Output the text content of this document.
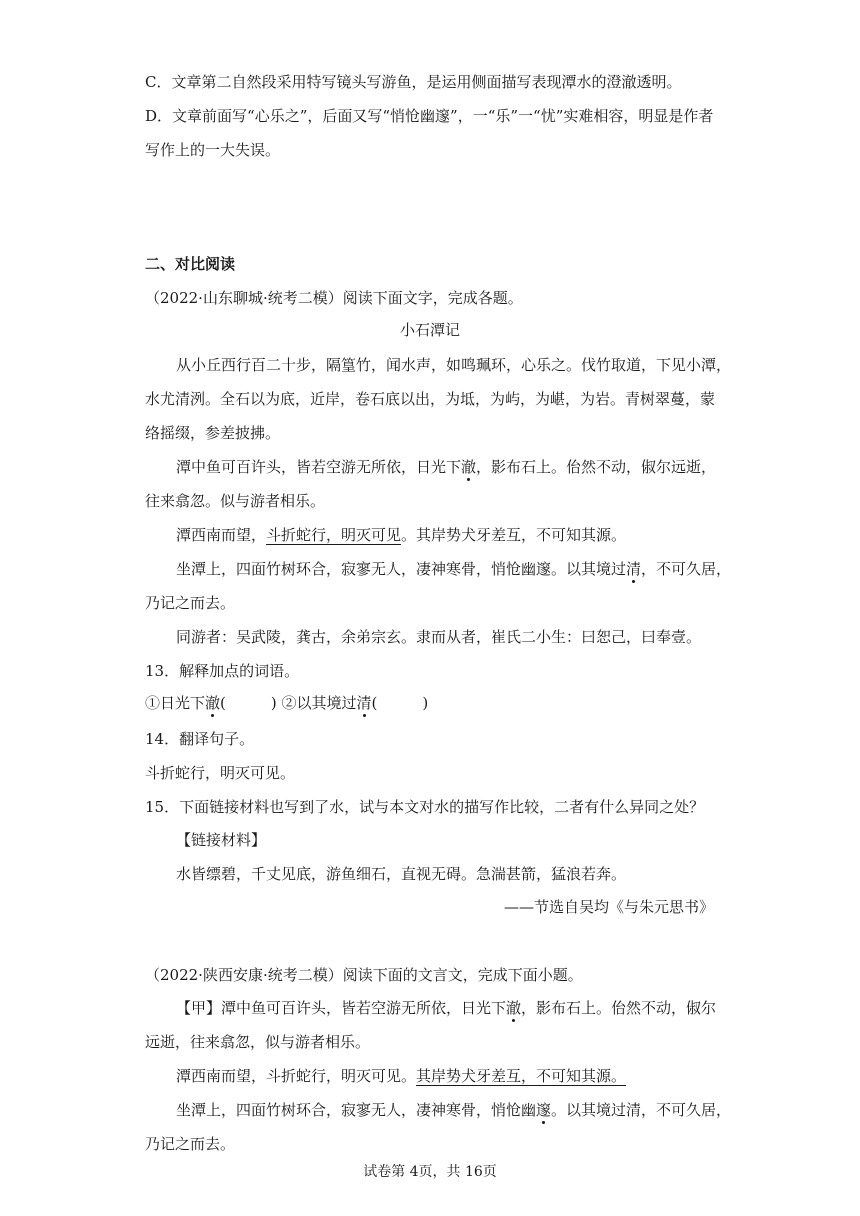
C．文章第二自然段采用特写镜头写游鱼，是运用侧面描写表现潭水的澄澈透明。
D．文章前面写“心乐之”，后面又写“悄怆幽邃”，一“乐”一“忧”实难相容，明显是作者
写作上的一大失误。
二、对比阅读
（2022·山东聊城·统考二模）阅读下面文字，完成各题。
小石潭记
从小丘西行百二十步，隔篁竹，闻水声，如鸣珮环，心乐之。伐竹取道，下见小潭，
水尤清洌。全石以为底，近岸，卷石底以出，为坻，为屿，为嵁，为岩。青树翠蔓，蒙
络摇缀，参差披拂。
潭中鱼可百许头，皆若空游无所依，日光下澈，影布石上。佁然不动，俶尔远逝，
往来翕忽。似与游者相乐。
潭西南而望，斗折蛇行，明灭可见。其岸势犬牙差互，不可知其源。
坐潭上，四面竹树环合，寂寥无人，凄神寒骨，悄怆幽邃。以其境过清，不可久居，
乃记之而去。
同游者：吴武陵，龚古，余弟宗玄。隶而从者，崔氏二小生：曰恕己，曰奉壹。
13．解释加点的词语。
①日光下澈(　　　) ②以其境过清(　　　)
14．翻译句子。
斗折蛇行，明灭可见。
15．下面链接材料也写到了水，试与本文对水的描写作比较，二者有什么异同之处？
【链接材料】
水皆缥碧，千丈见底，游鱼细石，直视无碍。急湍甚箭，猛浪若奔。
——节选自吴均《与朱元思书》
（2022·陕西安康·统考二模）阅读下面的文言文，完成下面小题。
【甲】潭中鱼可百许头，皆若空游无所依，日光下澈，影布石上。佁然不动，俶尔
远逝，往来翕忽，似与游者相乐。
潭西南而望，斗折蛇行，明灭可见。其岸势犬牙差互，不可知其源。
坐潭上，四面竹树环合，寂寥无人，凄神寒骨，悄怆幽邃。以其境过清，不可久居，
乃记之而去。
试卷第 4页，共 16页
